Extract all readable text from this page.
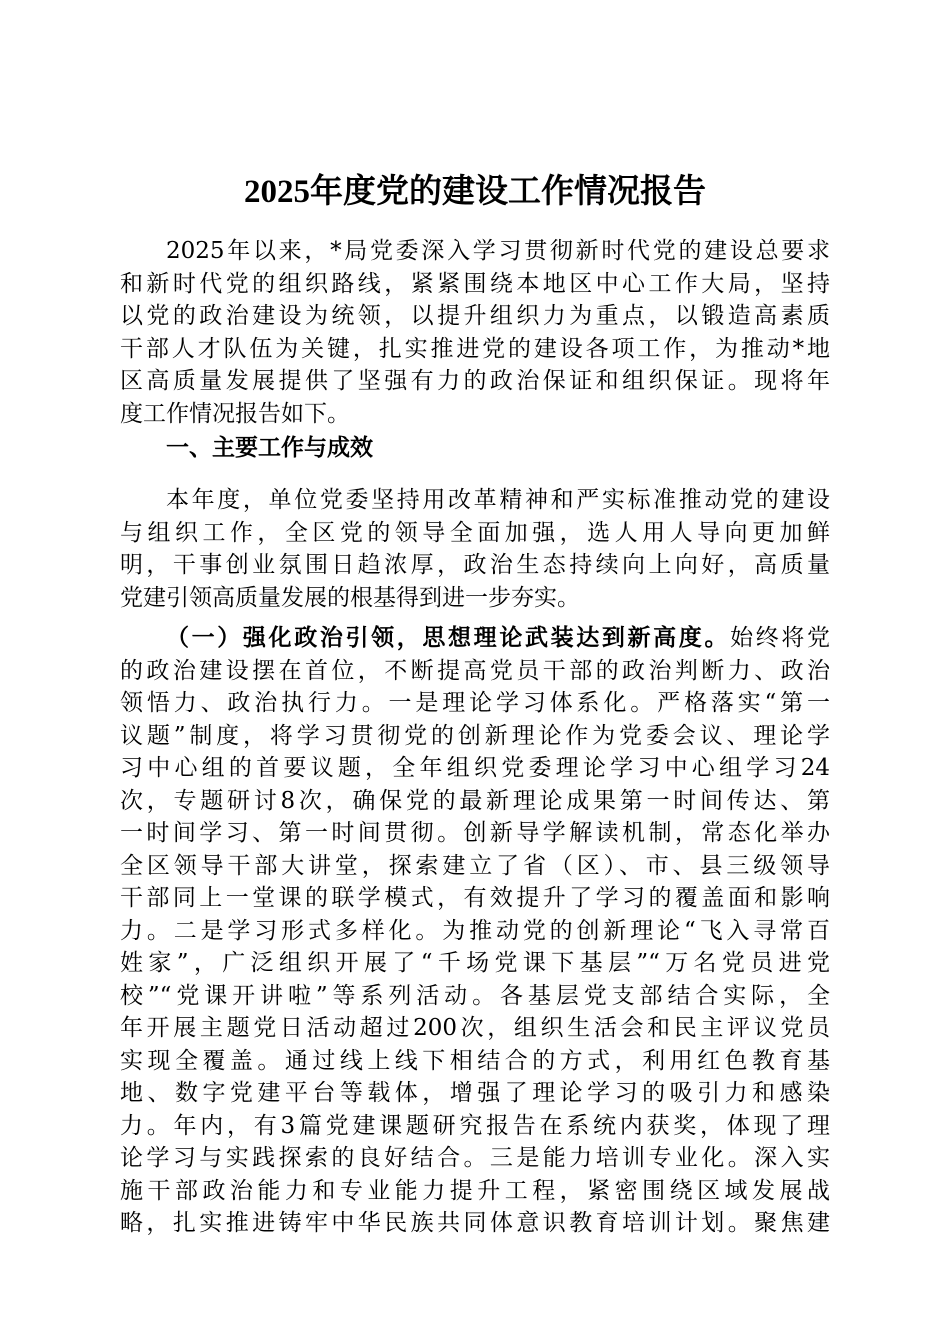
2025年度党的建设工作情况报告
2025年以来，*局党委深入学习贯彻新时代党的建设总要求
和新时代党的组织路线，紧紧围绕本地区中心工作大局，坚持
以党的政治建设为统领，以提升组织力为重点，以锻造高素质
干部人才队伍为关键，扎实推进党的建设各项工作，为推动*地
区高质量发展提供了坚强有力的政治保证和组织保证。现将年
度工作情况报告如下。
一、主要工作与成效
本年度，单位党委坚持用改革精神和严实标准推动党的建设
与组织工作，全区党的领导全面加强，选人用人导向更加鲜
明，干事创业氛围日趋浓厚，政治生态持续向上向好，高质量
党建引领高质量发展的根基得到进一步夯实。
（一）强化政治引领，思想理论武装达到新高度。始终将党
的政治建设摆在首位，不断提高党员干部的政治判断力、政治
领悟力、政治执行力。一是理论学习体系化。严格落实“第一
议题”制度，将学习贯彻党的创新理论作为党委会议、理论学
习中心组的首要议题，全年组织党委理论学习中心组学习24
次，专题研讨8次，确保党的最新理论成果第一时间传达、第
一时间学习、第一时间贯彻。创新导学解读机制，常态化举办
全区领导干部大讲堂，探索建立了省（区）、市、县三级领导
干部同上一堂课的联学模式，有效提升了学习的覆盖面和影响
力。二是学习形式多样化。为推动党的创新理论“飞入寻常百
姓家”，广泛组织开展了“千场党课下基层”“万名党员进党
校”“党课开讲啦”等系列活动。各基层党支部结合实际，全
年开展主题党日活动超过200次，组织生活会和民主评议党员
实现全覆盖。通过线上线下相结合的方式，利用红色教育基
地、数字党建平台等载体，增强了理论学习的吸引力和感染
力。年内，有3篇党建课题研究报告在系统内获奖，体现了理
论学习与实践探索的良好结合。三是能力培训专业化。深入实
施干部政治能力和专业能力提升工程，紧密围绕区域发展战
略，扎实推进铸牢中华民族共同体意识教育培训计划。聚焦建
